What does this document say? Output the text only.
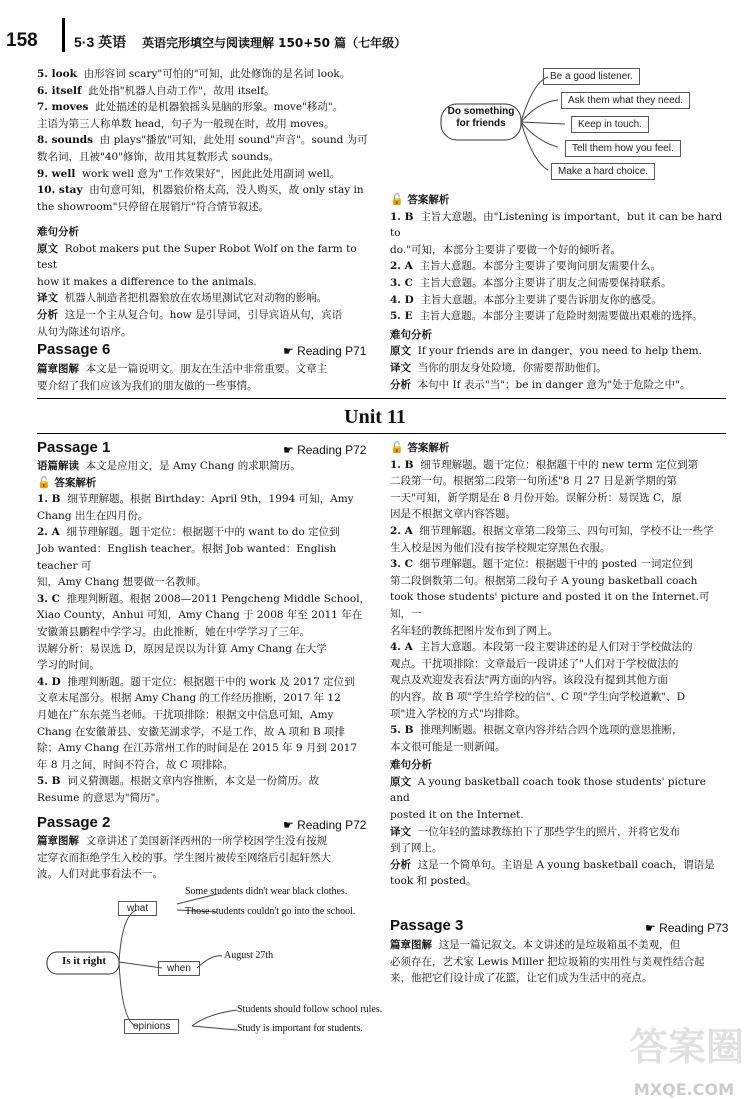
158	5·3 英语 英语完形填空与阅读理解 150+50 篇（七年级）

5. look 由形容词 scary"可怕的"可知，此处修饰的是名词 look。

6. itself 此处指"机器人自动工作"，故用 itself。

7. moves 此处描述的是机器狼摇头晃脑的形象。move"移动"。

主语为第三人称单数 head，句子为一般现在时，故用 moves。

8. sounds 由 plays"播放"可知，此处用 sound"声音"。sound 为可

数名词，且被"40"修饰，故用其复数形式 sounds。

9. well work well 意为"工作效果好"，因此此处用副词 well。

10. stay 由句意可知，机器狼价格太高，没人购买，故 only stay in

the showroom"只停留在展销厅"符合情节叙述。

难句分析

原文 Robot makers put the Super Robot Wolf on the farm to test

how it makes a difference to the animals.

译文 机器人制造者把机器狼放在农场里测试它对动物的影响。

分析 这是一个主从复合句。how 是引导词，引导宾语从句，宾语

从句为陈述句语序。

Passage 6	☛ Reading P71

篇章图解 本文是一篇说明文。朋友在生活中非常重要。文章主

要介绍了我们应该为我们的朋友做的一些事情。

Do something for friends
Be a good listener.
Ask them what they need.
Keep in touch.
Tell them how you feel.
Make a hard choice.

🔓 答案解析

1. B 主旨大意题。由"Listening is important，but it can be hard to

do."可知，本部分主要讲了要做一个好的倾听者。

2. A 主旨大意题。本部分主要讲了要询问朋友需要什么。

3. C 主旨大意题。本部分主要讲了朋友之间需要保持联系。

4. D 主旨大意题。本部分主要讲了要告诉朋友你的感受。

5. E 主旨大意题。本部分主要讲了危险时刻需要做出艰难的选择。

难句分析

原文 If your friends are in danger，you need to help them.

译文 当你的朋友身处险境，你需要帮助他们。

分析 本句中 If 表示"当"；be in danger 意为"处于危险之中"。

Unit 11
Passage 1	☛ Reading P72

语篇解读 本文是应用文，是 Amy Chang 的求职简历。

🔓 答案解析

1. B 细节理解题。根据 Birthday：April 9th，1994 可知，Amy

Chang 出生在四月份。

2. A 细节理解题。题干定位：根据题干中的 want to do 定位到

Job wanted：English teacher。根据 Job wanted：English teacher 可

知，Amy Chang 想要做一名教师。

3. C 推理判断题。根据 2008—2011 Pengcheng Middle School，

Xiao County，Anhui 可知，Amy Chang 于 2008 年至 2011 年在

安徽萧县鹏程中学学习。由此推断，她在中学学习了三年。

误解分析：易误选 D，原因是误以为计算 Amy Chang 在大学

学习的时间。

4. D 推理判断题。题干定位：根据题干中的 work 及 2017 定位到

文章末尾部分。根据 Amy Chang 的工作经历推断，2017 年 12

月她在广东东莞当老师。干扰项排除：根据文中信息可知，Amy

Chang 在安徽萧县、安徽芜湖求学，不是工作，故 A 项和 B 项排

除；Amy Chang 在江苏常州工作的时间是在 2015 年 9 月到 2017

年 8 月之间，时间不符合，故 C 项排除。

5. B 词义猜测题。根据文章内容推断，本文是一份简历。故

Resume 的意思为"简历"。

Passage 2	☛ Reading P72

篇章图解 文章讲述了美国新泽西州的一所学校因学生没有按规

定穿衣而拒绝学生入校的事。学生图片被传至网络后引起轩然大

波。人们对此事看法不一。

Is it right
what
when
opinions
Some students didn't wear black clothes.
Those students couldn't go into the school.
August 27th
Students should follow school rules.
Study is important for students.

🔓 答案解析

1. B 细节理解题。题干定位：根据题干中的 new term 定位到第

二段第一句。根据第二段第一句所述"8 月 27 日是新学期的第

一天"可知，新学期是在 8 月份开始。误解分析：易误选 C，原

因是不根据文章内容答题。

2. A 细节理解题。根据文章第二段第三、四句可知，学校不让一些学

生入校是因为他们没有按学校规定穿黑色衣服。

3. C 细节理解题。题干定位：根据题干中的 posted 一词定位到

第二段倒数第二句。根据第二段句子 A young basketball coach

took those students' picture and posted it on the Internet.可知，一

名年轻的教练把图片发布到了网上。

4. A 主旨大意题。本段第一段主要讲述的是人们对于学校做法的

观点。干扰项排除：文章最后一段讲述了"人们对于学校做法的

观点及欢迎发表看法"两方面的内容。该段没有提到其他方面

的内容。故 B 项"学生给学校的信"、C 项"学生向学校道歉"、D

项"进入学校的方式"均排除。

5. B 推理判断题。根据文章内容并结合四个选项的意思推断，

本文很可能是一则新闻。

难句分析

原文 A young basketball coach took those students' picture and

posted it on the Internet.

译文 一位年轻的篮球教练拍下了那些学生的照片，并将它发布

到了网上。

分析 这是一个简单句。主语是 A young basketball coach，谓语是

took 和 posted。

Passage 3	☛ Reading P73

篇章图解 这是一篇记叙文。本文讲述的是垃圾箱虽不美观，但

必须存在，艺术家 Lewis Miller 把垃圾箱的实用性与美观性结合起

来，他把它们设计成了花篮，让它们成为生活中的亮点。

答案圈
MXQE.COM
